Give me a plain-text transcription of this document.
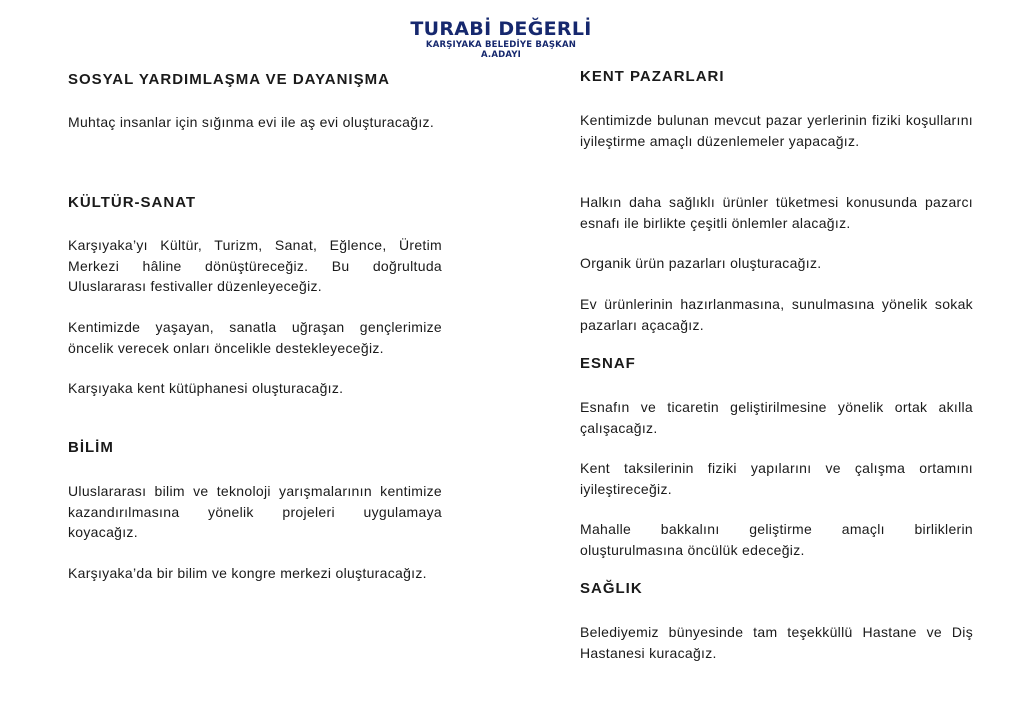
TURABİ DEĞERLİ
KARŞIYAKA BELEDİYE BAŞKAN
A.ADAYI
SOSYAL YARDIMLAŞMA VE DAYANIŞMA

Muhtaç insanlar için sığınma evi ile aş evi oluşturacağız.

KÜLTÜR-SANAT

Karşıyaka’yı Kültür, Turizm, Sanat, Eğlence, Üretim Merkezi hâline dönüştüreceğiz. Bu doğrultuda Uluslararası festivaller düzenleyeceğiz.

Kentimizde yaşayan, sanatla uğraşan gençlerimize öncelik verecek onları öncelikle destekleyeceğiz.

Karşıyaka kent kütüphanesi oluşturacağız.

BİLİM

Uluslararası bilim ve teknoloji yarışmalarının kentimize kazandırılmasına yönelik projeleri uygulamaya koyacağız.

Karşıyaka’da bir bilim ve kongre merkezi oluşturacağız.

KENT PAZARLARI

Kentimizde bulunan mevcut pazar yerlerinin fiziki koşullarını iyileştirme amaçlı düzenlemeler yapacağız.

Halkın daha sağlıklı ürünler tüketmesi konusunda pazarcı esnafı ile birlikte çeşitli önlemler alacağız.

Organik ürün pazarları oluşturacağız.

Ev ürünlerinin hazırlanmasına, sunulmasına yönelik sokak pazarları açacağız.

ESNAF

Esnafın ve ticaretin geliştirilmesine yönelik ortak akılla çalışacağız.

Kent taksilerinin fiziki yapılarını ve çalışma ortamını iyileştireceğiz.

Mahalle bakkalını geliştirme amaçlı birliklerin oluşturulmasına öncülük edeceğiz.

SAĞLIK

Belediyemiz bünyesinde tam teşekküllü Hastane ve Diş Hastanesi kuracağız.
